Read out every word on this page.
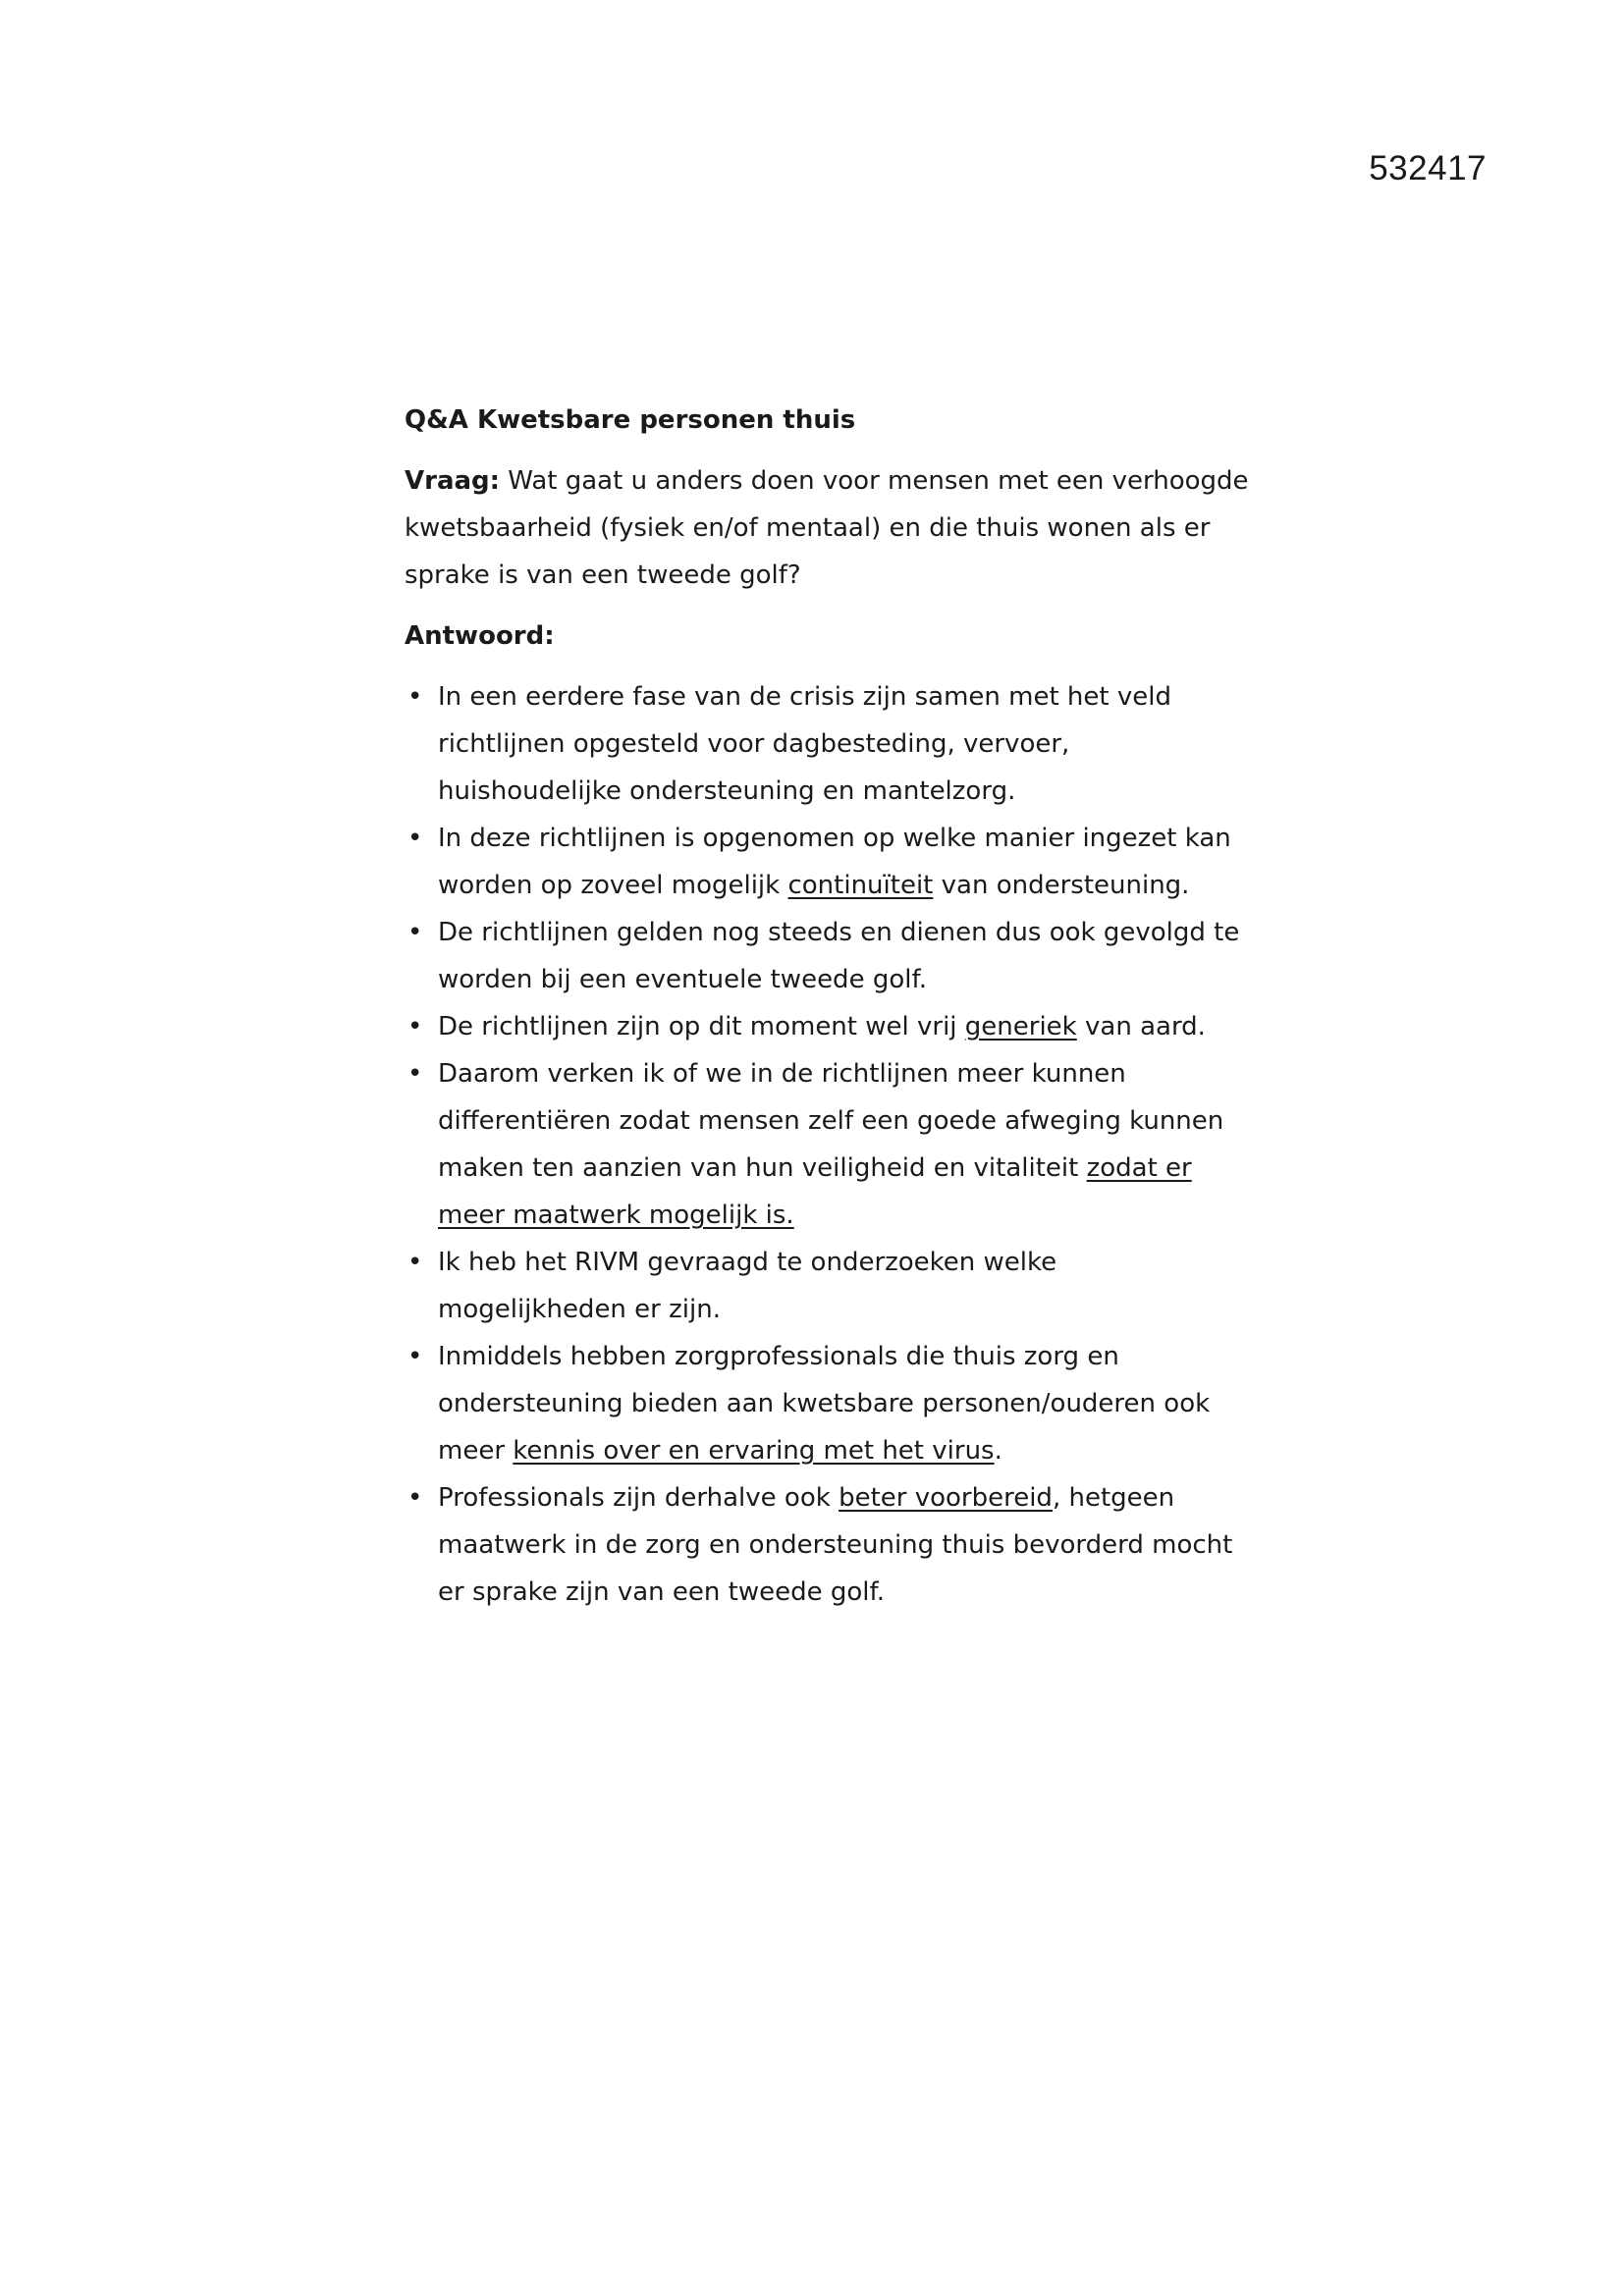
532417
Q&A Kwetsbare personen thuis

Vraag: Wat gaat u anders doen voor mensen met een verhoogde kwetsbaarheid (fysiek en/of mentaal) en die thuis wonen als er sprake is van een tweede golf?

Antwoord:
• In een eerdere fase van de crisis zijn samen met het veld richtlijnen opgesteld voor dagbesteding, vervoer, huishoudelijke ondersteuning en mantelzorg.
• In deze richtlijnen is opgenomen op welke manier ingezet kan worden op zoveel mogelijk continuïteit van ondersteuning.
• De richtlijnen gelden nog steeds en dienen dus ook gevolgd te worden bij een eventuele tweede golf.
• De richtlijnen zijn op dit moment wel vrij generiek van aard.
• Daarom verken ik of we in de richtlijnen meer kunnen differentiëren zodat mensen zelf een goede afweging kunnen maken ten aanzien van hun veiligheid en vitaliteit zodat er meer maatwerk mogelijk is.
• Ik heb het RIVM gevraagd te onderzoeken welke mogelijkheden er zijn.
• Inmiddels hebben zorgprofessionals die thuis zorg en ondersteuning bieden aan kwetsbare personen/ouderen ook meer kennis over en ervaring met het virus.
• Professionals zijn derhalve ook beter voorbereid, hetgeen maatwerk in de zorg en ondersteuning thuis bevorderd mocht er sprake zijn van een tweede golf.
